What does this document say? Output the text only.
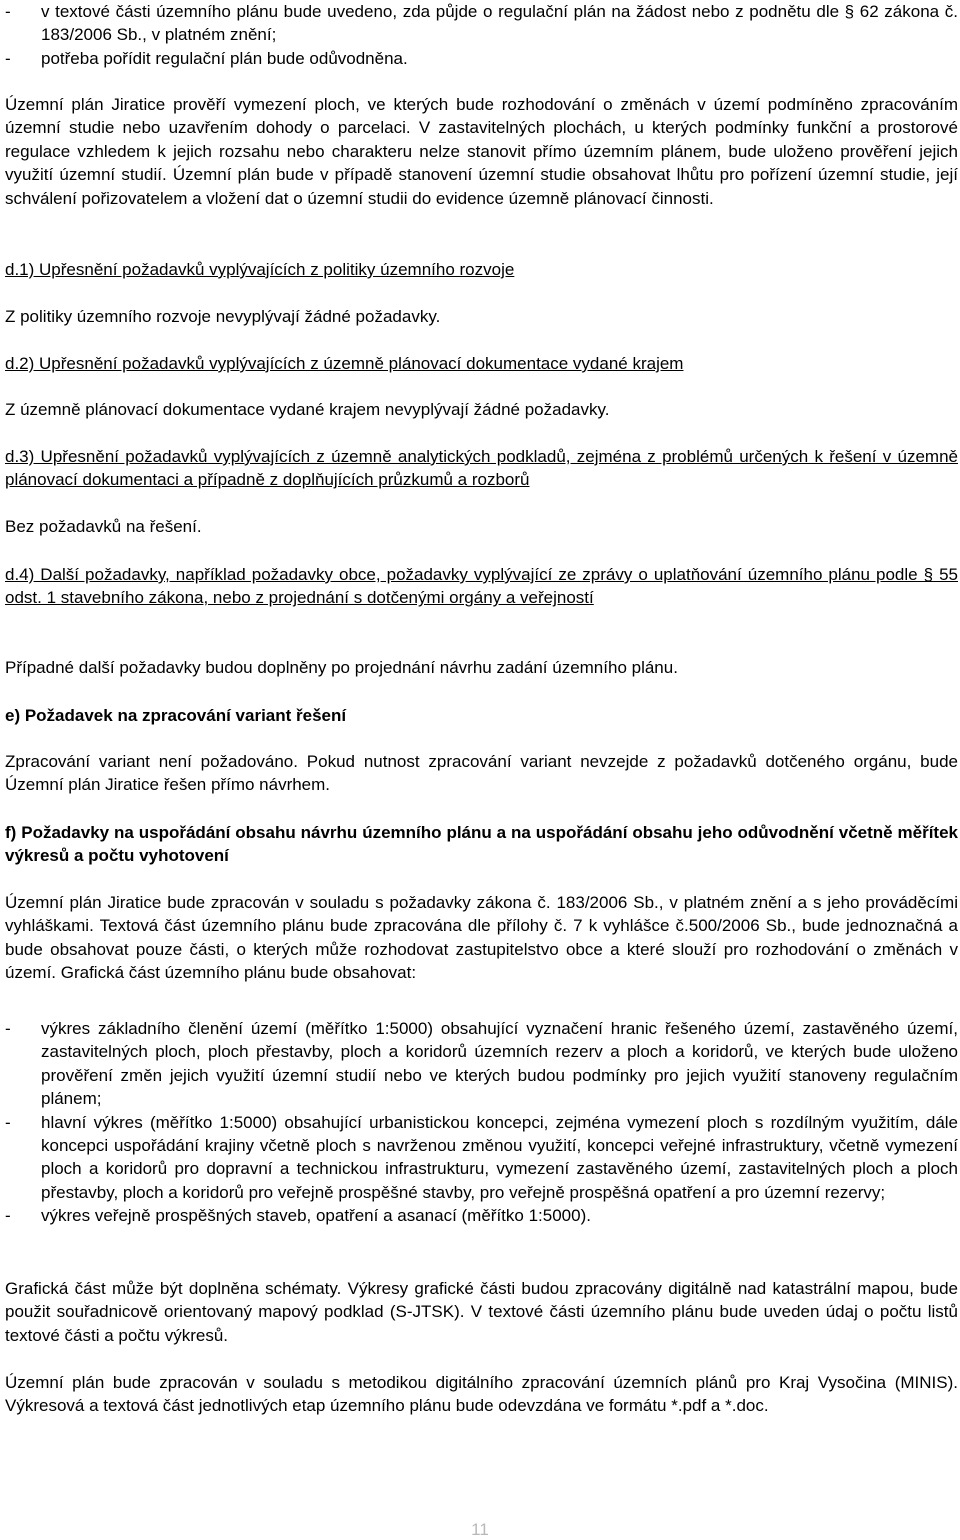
- v textové části územního plánu bude uvedeno, zda půjde o regulační plán na žádost nebo z podnětu dle § 62 zákona č. 183/2006 Sb., v platném znění;
- potřeba pořídit regulační plán bude odůvodněna.

Územní plán Jiratice prověří vymezení ploch, ve kterých bude rozhodování o změnách v území podmíněno zpracováním územní studie nebo uzavřením dohody o parcelaci. V zastavitelných plochách, u kterých podmínky funkční a prostorové regulace vzhledem k jejich rozsahu nebo charakteru nelze stanovit přímo územním plánem, bude uloženo prověření jejich využití územní studií. Územní plán bude v případě stanovení územní studie obsahovat lhůtu pro pořízení územní studie, její schválení pořizovatelem a vložení dat o územní studii do evidence územně plánovací činnosti.

d.1) Upřesnění požadavků vyplývajících z politiky územního rozvoje

Z politiky územního rozvoje nevyplývají žádné požadavky.

d.2) Upřesnění požadavků vyplývajících z územně plánovací dokumentace vydané krajem

Z územně plánovací dokumentace vydané krajem nevyplývají žádné požadavky.

d.3) Upřesnění požadavků vyplývajících z územně analytických podkladů, zejména z problémů určených k řešení v územně plánovací dokumentaci a případně z doplňujících průzkumů a rozborů

Bez požadavků na řešení.

d.4) Další požadavky, například požadavky obce, požadavky vyplývající ze zprávy o uplatňování územního plánu podle § 55 odst. 1 stavebního zákona, nebo z projednání s dotčenými orgány a veřejností

Případné další požadavky budou doplněny po projednání návrhu zadání územního plánu.

e) Požadavek na zpracování variant řešení

Zpracování variant není požadováno. Pokud nutnost zpracování variant nevzejde z požadavků dotčeného orgánu, bude Územní plán Jiratice řešen přímo návrhem.

f) Požadavky na uspořádání obsahu návrhu územního plánu a na uspořádání obsahu jeho odůvodnění včetně měřítek výkresů a počtu vyhotovení

Územní plán Jiratice bude zpracován v souladu s požadavky zákona č. 183/2006 Sb., v platném znění a s jeho prováděcími vyhláškami. Textová část územního plánu bude zpracována dle přílohy č. 7 k vyhlášce č.500/2006 Sb., bude jednoznačná a bude obsahovat pouze části, o kterých může rozhodovat zastupitelstvo obce a které slouží pro rozhodování o změnách v území. Grafická část územního plánu bude obsahovat:

- výkres základního členění území (měřítko 1:5000) obsahující vyznačení hranic řešeného území, zastavěného území, zastavitelných ploch, ploch přestavby, ploch a koridorů územních rezerv a ploch a koridorů, ve kterých bude uloženo prověření změn jejich využití územní studií nebo ve kterých budou podmínky pro jejich využití stanoveny regulačním plánem;
- hlavní výkres (měřítko 1:5000) obsahující urbanistickou koncepci, zejména vymezení ploch s rozdílným využitím, dále koncepci uspořádání krajiny včetně ploch s navrženou změnou využití, koncepci veřejné infrastruktury, včetně vymezení ploch a koridorů pro dopravní a technickou infrastrukturu, vymezení zastavěného území, zastavitelných ploch a ploch přestavby, ploch a koridorů pro veřejně prospěšné stavby, pro veřejně prospěšná opatření a pro územní rezervy;
- výkres veřejně prospěšných staveb, opatření a asanací (měřítko 1:5000).

Grafická část může být doplněna schématy. Výkresy grafické části budou zpracovány digitálně nad katastrální mapou, bude použit souřadnicově orientovaný mapový podklad (S-JTSK). V textové části územního plánu bude uveden údaj o počtu listů textové části a počtu výkresů.

Územní plán bude zpracován v souladu s metodikou digitálního zpracování územních plánů pro Kraj Vysočina (MINIS). Výkresová a textová část jednotlivých etap územního plánu bude odevzdána ve formátu *.pdf a *.doc.

11
